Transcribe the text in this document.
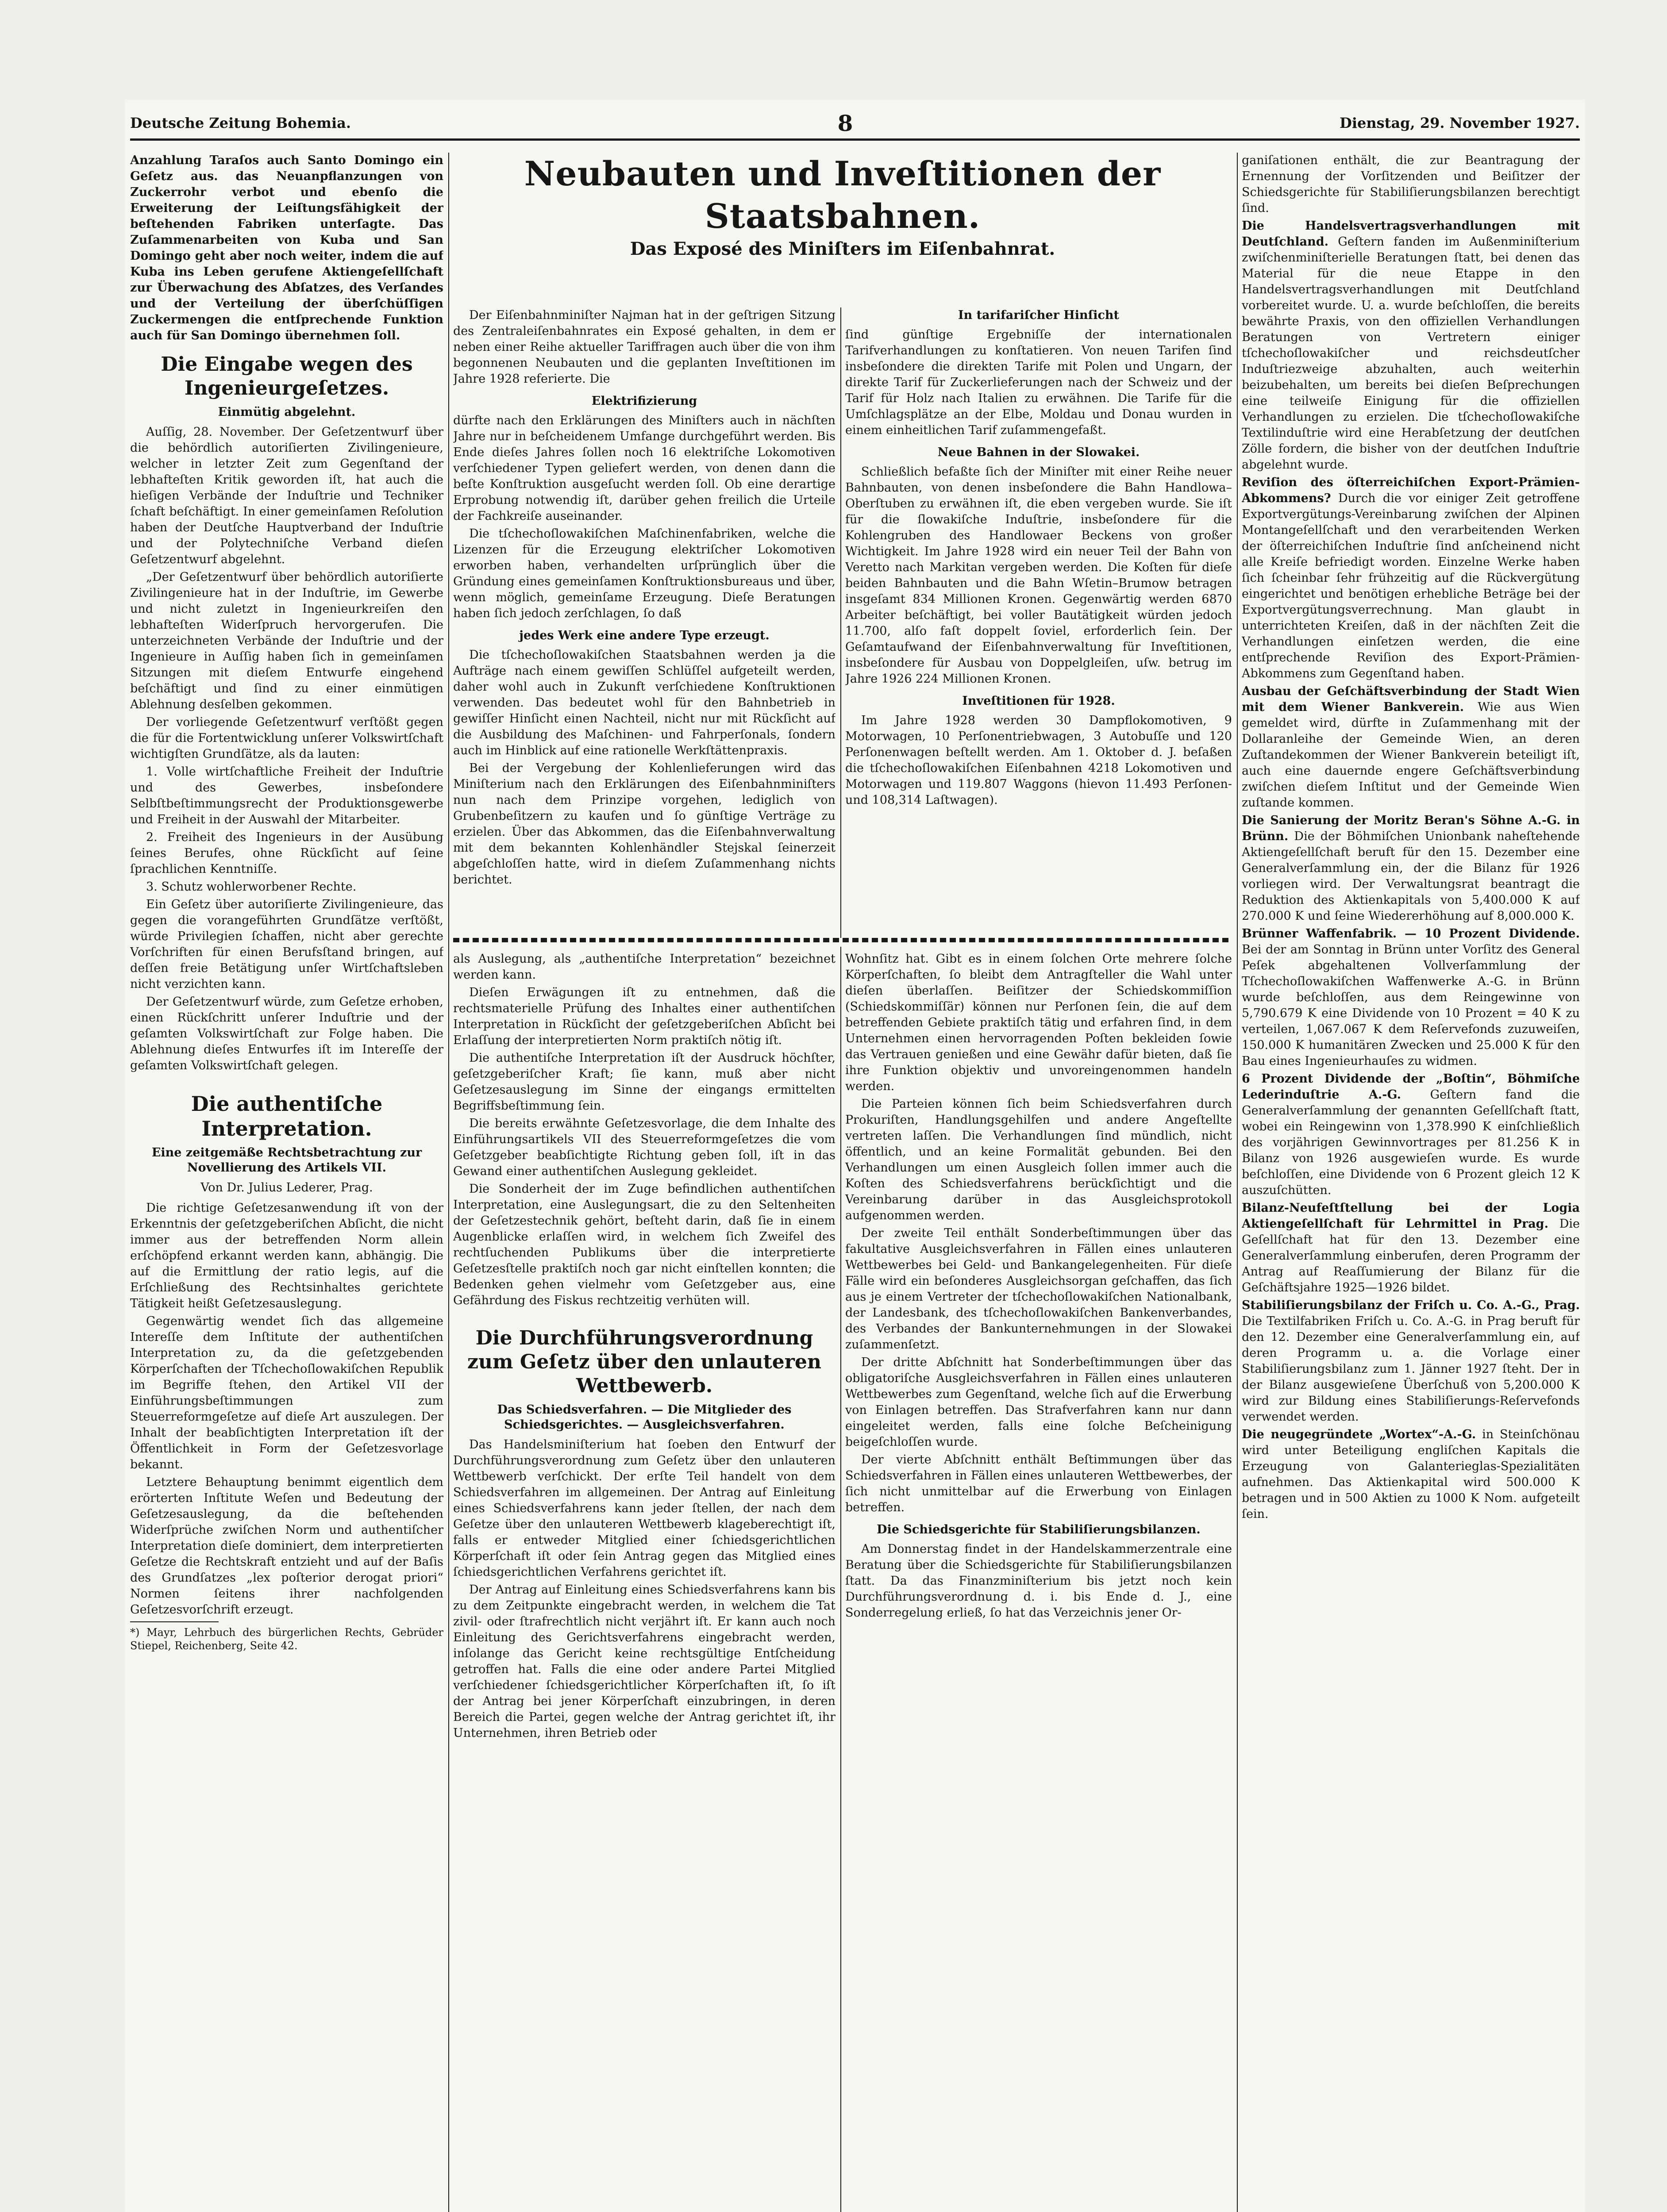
Deutsche Zeitung Bohemia.	8	Dienstag, 29. November 1927.

Anzahlung Taraſos auch Santo Domingo ein Geſetz aus. das Neuanpflanzungen von Zuckerrohr verbot und ebenſo die Erweiterung der Leiſtungsfähigkeit der beſtehenden Fabriken unterſagte. Das Zuſammenarbeiten von Kuba und San Domingo geht aber noch weiter, indem die auf Kuba ins Leben gerufene Aktiengeſellſchaft zur Überwachung des Abſatzes, des Verſandes und der Verteilung der überſchüſſigen Zuckermengen die entſprechende Funktion auch für San Domingo übernehmen ſoll.

Die Eingabe wegen des Ingenieurgeſetzes.
Einmütig abgelehnt.

Auſſig, 28. November. Der Geſetzentwurf über die behördlich autoriſierten Zivilingenieure, welcher in letzter Zeit zum Gegenſtand der lebhafteſten Kritik geworden iſt, hat auch die hieſigen Verbände der Induſtrie und Techniker ſchaft beſchäftigt. In einer gemeinſamen Reſolution haben der Deutſche Hauptverband der Induſtrie und der Polytechniſche Verband dieſen Geſetzentwurf abgelehnt.

„Der Geſetzentwurf über behördlich autoriſierte Zivilingenieure hat in der Induſtrie, im Gewerbe und nicht zuletzt in Ingenieurkreiſen den lebhafteſten Widerſpruch hervorgerufen. Die unterzeichneten Verbände der Induſtrie und der Ingenieure in Auſſig haben ſich in gemeinſamen Sitzungen mit dieſem Entwurfe eingehend beſchäftigt und ſind zu einer einmütigen Ablehnung desſelben gekommen.

Der vorliegende Geſetzentwurf verſtößt gegen die für die Fortentwicklung unſerer Volkswirtſchaft wichtigſten Grundſätze, als da lauten:

1. Volle wirtſchaftliche Freiheit der Induſtrie und des Gewerbes, insbeſondere Selbſtbeſtimmungsrecht der Produktionsgewerbe und Freiheit in der Auswahl der Mitarbeiter.

2. Freiheit des Ingenieurs in der Ausübung ſeines Berufes, ohne Rückſicht auf ſeine ſprachlichen Kenntniſſe.

3. Schutz wohlerworbener Rechte.

Ein Geſetz über autoriſierte Zivilingenieure, das gegen die vorangeführten Grundſätze verſtößt, würde Privilegien ſchaffen, nicht aber gerechte Vorſchriften für einen Berufsſtand bringen, auf deſſen freie Betätigung unſer Wirtſchaftsleben nicht verzichten kann.

Der Geſetzentwurf würde, zum Geſetze erhoben, einen Rückſchritt unſerer Induſtrie und der geſamten Volkswirtſchaft zur Folge haben. Die Ablehnung dieſes Entwurfes iſt im Intereſſe der geſamten Volkswirtſchaft gelegen.

Die authentiſche Interpretation.
Eine zeitgemäße Rechtsbetrachtung zur Novellierung des Artikels VII.
Von Dr. Julius Lederer, Prag.

Die richtige Geſetzesanwendung iſt von der Erkenntnis der geſetzgeberiſchen Abſicht, die nicht immer aus der betreffenden Norm allein erſchöpfend erkannt werden kann, abhängig. Die auf die Ermittlung der ratio legis, auf die Erſchließung des Rechtsinhaltes gerichtete Tätigkeit heißt Geſetzesauslegung.

Gegenwärtig wendet ſich das allgemeine Intereſſe dem Inſtitute der authentiſchen Interpretation zu, da die geſetzgebenden Körperſchaften der Tſchechoſlowakiſchen Republik im Begriffe ſtehen, den Artikel VII der Einführungsbeſtimmungen zum Steuerreformgeſetze auf dieſe Art auszulegen. Der Inhalt der beabſichtigten Interpretation iſt der Öffentlichkeit in Form der Geſetzesvorlage bekannt.

Letztere Behauptung benimmt eigentlich dem erörterten Inſtitute Weſen und Bedeutung der Geſetzesauslegung, da die beſtehenden Widerſprüche zwiſchen Norm und authentiſcher Interpretation dieſe dominiert, dem interpretierten Geſetze die Rechtskraft entzieht und auf der Baſis des Grundſatzes „lex poſterior derogat priori“ Normen ſeitens ihrer nachfolgenden Geſetzesvorſchrift erzeugt.

*) Mayr, Lehrbuch des bürgerlichen Rechts, Gebrüder Stiepel, Reichenberg, Seite 42.

Neubauten und Inveſtitionen der Staatsbahnen.
Das Exposé des Miniſters im Eiſenbahnrat.

Der Eiſenbahnminiſter Najman hat in der geſtrigen Sitzung des Zentraleiſenbahnrates ein Exposé gehalten, in dem er neben einer Reihe aktueller Tariffragen auch über die von ihm begonnenen Neubauten und die geplanten Inveſtitionen im Jahre 1928 referierte. Die

Elektrifizierung

dürfte nach den Erklärungen des Miniſters auch in nächſten Jahre nur in beſcheidenem Umfange durchgeführt werden. Bis Ende dieſes Jahres ſollen noch 16 elektriſche Lokomotiven verſchiedener Typen geliefert werden, von denen dann die beſte Konſtruktion ausgeſucht werden ſoll. Ob eine derartige Erprobung notwendig iſt, darüber gehen freilich die Urteile der Fachkreiſe auseinander.

Die tſchechoſlowakiſchen Maſchinenfabriken, welche die Lizenzen für die Erzeugung elektriſcher Lokomotiven erworben haben, verhandelten urſprünglich über die Gründung eines gemeinſamen Konſtruktionsbureaus und über, wenn möglich, gemeinſame Erzeugung. Dieſe Beratungen haben ſich jedoch zerſchlagen, ſo daß

jedes Werk eine andere Type erzeugt.

Die tſchechoſlowakiſchen Staatsbahnen werden ja die Aufträge nach einem gewiſſen Schlüſſel aufgeteilt werden, daher wohl auch in Zukunft verſchiedene Konſtruktionen verwenden. Das bedeutet wohl für den Bahnbetrieb in gewiſſer Hinſicht einen Nachteil, nicht nur mit Rückſicht auf die Ausbildung des Maſchinen- und Fahrperſonals, ſondern auch im Hinblick auf eine rationelle Werkſtättenpraxis.

Bei der Vergebung der Kohlenlieferungen wird das Miniſterium nach den Erklärungen des Eiſenbahnminiſters nun nach dem Prinzipe vorgehen, lediglich von Grubenbeſitzern zu kaufen und ſo günſtige Verträge zu erzielen. Über das Abkommen, das die Eiſenbahnverwaltung mit dem bekannten Kohlenhändler Stejskal ſeinerzeit abgeſchloſſen hatte, wird in dieſem Zuſammenhang nichts berichtet.

In tarifariſcher Hinſicht

ſind günſtige Ergebniſſe der internationalen Tarifverhandlungen zu konſtatieren. Von neuen Tarifen ſind insbeſondere die direkten Tarife mit Polen und Ungarn, der direkte Tarif für Zuckerlieferungen nach der Schweiz und der Tarif für Holz nach Italien zu erwähnen. Die Tarife für die Umſchlagsplätze an der Elbe, Moldau und Donau wurden in einem einheitlichen Tarif zuſammengefaßt.

Neue Bahnen in der Slowakei.

Schließlich befaßte ſich der Miniſter mit einer Reihe neuer Bahnbauten, von denen insbeſondere die Bahn Handlowa–Oberſtuben zu erwähnen iſt, die eben vergeben wurde. Sie iſt für die ſlowakiſche Induſtrie, insbeſondere für die Kohlengruben des Handlowaer Beckens von großer Wichtigkeit. Im Jahre 1928 wird ein neuer Teil der Bahn von Veretto nach Markitan vergeben werden. Die Koſten für dieſe beiden Bahnbauten und die Bahn Wſetin–Brumow betragen insgeſamt 834 Millionen Kronen. Gegenwärtig werden 6870 Arbeiter beſchäftigt, bei voller Bautätigkeit würden jedoch 11.700, alſo faſt doppelt ſoviel, erforderlich ſein. Der Geſamtaufwand der Eiſenbahnverwaltung für Inveſtitionen, insbeſondere für Ausbau von Doppelgleiſen, uſw. betrug im Jahre 1926 224 Millionen Kronen.

Inveſtitionen für 1928.

Im Jahre 1928 werden 30 Dampflokomotiven, 9 Motorwagen, 10 Perſonentriebwagen, 3 Autobuſſe und 120 Perſonenwagen beſtellt werden. Am 1. Oktober d. J. beſaßen die tſchechoſlowakiſchen Eiſenbahnen 4218 Lokomotiven und Motorwagen und 119.807 Waggons (hievon 11.493 Perſonen- und 108,314 Laſtwagen).

als Auslegung, als „authentiſche Interpretation“ bezeichnet werden kann.

Dieſen Erwägungen iſt zu entnehmen, daß die rechtsmaterielle Prüfung des Inhaltes einer authentiſchen Interpretation in Rückſicht der geſetzgeberiſchen Abſicht bei Erlaſſung der interpretierten Norm praktiſch nötig iſt.

Die authentiſche Interpretation iſt der Ausdruck höchſter, geſetzgeberiſcher Kraft; ſie kann, muß aber nicht Geſetzesauslegung im Sinne der eingangs ermittelten Begriffsbeſtimmung ſein.

Die bereits erwähnte Geſetzesvorlage, die dem Inhalte des Einführungsartikels VII des Steuerreformgeſetzes die vom Geſetzgeber beabſichtigte Richtung geben ſoll, iſt in das Gewand einer authentiſchen Auslegung gekleidet.

Die Sonderheit der im Zuge befindlichen authentiſchen Interpretation, eine Auslegungsart, die zu den Seltenheiten der Geſetzestechnik gehört, beſteht darin, daß ſie in einem Augenblicke erlaſſen wird, in welchem ſich Zweifel des rechtſuchenden Publikums über die interpretierte Geſetzesſtelle praktiſch noch gar nicht einſtellen konnten; die Bedenken gehen vielmehr vom Geſetzgeber aus, eine Gefährdung des Fiskus rechtzeitig verhüten will.

Die Durchführungsverordnung zum Geſetz über den unlauteren Wettbewerb.
Das Schiedsverfahren. — Die Mitglieder des Schiedsgerichtes. — Ausgleichsverfahren.

Das Handelsminiſterium hat ſoeben den Entwurf der Durchführungsverordnung zum Geſetz über den unlauteren Wettbewerb verſchickt. Der erſte Teil handelt von dem Schiedsverfahren im allgemeinen. Der Antrag auf Einleitung eines Schiedsverfahrens kann jeder ſtellen, der nach dem Geſetze über den unlauteren Wettbewerb klageberechtigt iſt, falls er entweder Mitglied einer ſchiedsgerichtlichen Körperſchaft iſt oder ſein Antrag gegen das Mitglied eines ſchiedsgerichtlichen Verfahrens gerichtet iſt.

Der Antrag auf Einleitung eines Schiedsverfahrens kann bis zu dem Zeitpunkte eingebracht werden, in welchem die Tat zivil- oder ſtrafrechtlich nicht verjährt iſt. Er kann auch noch Einleitung des Gerichtsverfahrens eingebracht werden, inſolange das Gericht keine rechtsgültige Entſcheidung getroffen hat. Falls die eine oder andere Partei Mitglied verſchiedener ſchiedsgerichtlicher Körperſchaften iſt, ſo iſt der Antrag bei jener Körperſchaft einzubringen, in deren Bereich die Partei, gegen welche der Antrag gerichtet iſt, ihr Unternehmen, ihren Betrieb oder

Wohnſitz hat. Gibt es in einem ſolchen Orte mehrere ſolche Körperſchaften, ſo bleibt dem Antragſteller die Wahl unter dieſen überlaſſen. Beiſitzer der Schiedskommiſſion (Schiedskommiſſär) können nur Perſonen ſein, die auf dem betreffenden Gebiete praktiſch tätig und erfahren ſind, in dem Unternehmen einen hervorragenden Poſten bekleiden ſowie das Vertrauen genießen und eine Gewähr dafür bieten, daß ſie ihre Funktion objektiv und unvoreingenommen handeln werden.

Die Parteien können ſich beim Schiedsverfahren durch Prokuriſten, Handlungsgehilfen und andere Angeſtellte vertreten laſſen. Die Verhandlungen ſind mündlich, nicht öffentlich, und an keine Formalität gebunden. Bei den Verhandlungen um einen Ausgleich ſollen immer auch die Koſten des Schiedsverfahrens berückſichtigt und die Vereinbarung darüber in das Ausgleichsprotokoll aufgenommen werden.

Der zweite Teil enthält Sonderbeſtimmungen über das fakultative Ausgleichsverfahren in Fällen eines unlauteren Wettbewerbes bei Geld- und Bankangelegenheiten. Für dieſe Fälle wird ein beſonderes Ausgleichsorgan geſchaffen, das ſich aus je einem Vertreter der tſchechoſlowakiſchen Nationalbank, der Landesbank, des tſchechoſlowakiſchen Bankenverbandes, des Verbandes der Bankunternehmungen in der Slowakei zuſammenſetzt.

Der dritte Abſchnitt hat Sonderbeſtimmungen über das obligatoriſche Ausgleichsverfahren in Fällen eines unlauteren Wettbewerbes zum Gegenſtand, welche ſich auf die Erwerbung von Einlagen betreffen. Das Strafverfahren kann nur dann eingeleitet werden, falls eine ſolche Beſcheinigung beigeſchloſſen wurde.

Der vierte Abſchnitt enthält Beſtimmungen über das Schiedsverfahren in Fällen eines unlauteren Wettbewerbes, der ſich nicht unmittelbar auf die Erwerbung von Einlagen betreffen.

Die Schiedsgerichte für Stabiliſierungsbilanzen.

Am Donnerstag findet in der Handelskammerzentrale eine Beratung über die Schiedsgerichte für Stabiliſierungsbilanzen ſtatt. Da das Finanzminiſterium bis jetzt noch kein Durchführungsverordnung d. i. bis Ende d. J., eine Sonderregelung erließ, ſo hat das Verzeichnis jener Or-

ganiſationen enthält, die zur Beantragung der Ernennung der Vorſitzenden und Beiſitzer der Schiedsgerichte für Stabiliſierungsbilanzen berechtigt ſind.

Die Handelsvertragsverhandlungen mit Deutſchland. Geſtern fanden im Außenminiſterium zwiſchenminiſterielle Beratungen ſtatt, bei denen das Material für die neue Etappe in den Handelsvertragsverhandlungen mit Deutſchland vorbereitet wurde. U. a. wurde beſchloſſen, die bereits bewährte Praxis, von den offiziellen Verhandlungen Beratungen von Vertretern einiger tſchechoſlowakiſcher und reichsdeutſcher Induſtriezweige abzuhalten, auch weiterhin beizubehalten, um bereits bei dieſen Beſprechungen eine teilweiſe Einigung für die offiziellen Verhandlungen zu erzielen. Die tſchechoſlowakiſche Textilinduſtrie wird eine Herabſetzung der deutſchen Zölle fordern, die bisher von der deutſchen Induſtrie abgelehnt wurde.

Reviſion des öſterreichiſchen Export-Prämien-Abkommens? Durch die vor einiger Zeit getroffene Exportvergütungs-Vereinbarung zwiſchen der Alpinen Montangeſellſchaft und den verarbeitenden Werken der öſterreichiſchen Induſtrie ſind anſcheinend nicht alle Kreiſe befriedigt worden. Einzelne Werke haben ſich ſcheinbar ſehr frühzeitig auf die Rückvergütung eingerichtet und benötigen erhebliche Beträge bei der Exportvergütungsverrechnung. Man glaubt in unterrichteten Kreiſen, daß in der nächſten Zeit die Verhandlungen einſetzen werden, die eine entſprechende Reviſion des Export-Prämien-Abkommens zum Gegenſtand haben.

Ausbau der Geſchäftsverbindung der Stadt Wien mit dem Wiener Bankverein. Wie aus Wien gemeldet wird, dürfte in Zuſammenhang mit der Dollaranleihe der Gemeinde Wien, an deren Zuſtandekommen der Wiener Bankverein beteiligt iſt, auch eine dauernde engere Geſchäftsverbindung zwiſchen dieſem Inſtitut und der Gemeinde Wien zuſtande kommen.

Die Sanierung der Moritz Beran's Söhne A.-G. in Brünn. Die der Böhmiſchen Unionbank naheſtehende Aktiengeſellſchaft beruft für den 15. Dezember eine Generalverſammlung ein, der die Bilanz für 1926 vorliegen wird. Der Verwaltungsrat beantragt die Reduktion des Aktienkapitals von 5,400.000 K auf 270.000 K und ſeine Wiedererhöhung auf 8,000.000 K.

Brünner Waffenfabrik. — 10 Prozent Dividende. Bei der am Sonntag in Brünn unter Vorſitz des General Peſek abgehaltenen Vollverſammlung der Tſchechoſlowakiſchen Waffenwerke A.-G. in Brünn wurde beſchloſſen, aus dem Reingewinne von 5,790.679 K eine Dividende von 10 Prozent = 40 K zu verteilen, 1,067.067 K dem Reſervefonds zuzuweiſen, 150.000 K humanitären Zwecken und 25.000 K für den Bau eines Ingenieurhauſes zu widmen.

6 Prozent Dividende der „Boſtin“, Böhmiſche Lederinduſtrie A.-G. Geſtern fand die Generalverſammlung der genannten Geſellſchaft ſtatt, wobei ein Reingewinn von 1,378.990 K einſchließlich des vorjährigen Gewinnvortrages per 81.256 K in Bilanz von 1926 ausgewieſen wurde. Es wurde beſchloſſen, eine Dividende von 6 Prozent gleich 12 K auszuſchütten.

Bilanz-Neufeſtſtellung bei der Logia Aktiengeſellſchaft für Lehrmittel in Prag. Die Geſellſchaft hat für den 13. Dezember eine Generalverſammlung einberufen, deren Programm der Antrag auf Reaſſumierung der Bilanz für die Geſchäftsjahre 1925—1926 bildet.

Stabiliſierungsbilanz der Friſch u. Co. A.-G., Prag. Die Textilfabriken Friſch u. Co. A.-G. in Prag beruft für den 12. Dezember eine Generalverſammlung ein, auf deren Programm u. a. die Vorlage einer Stabiliſierungsbilanz zum 1. Jänner 1927 ſteht. Der in der Bilanz ausgewieſene Überſchuß von 5,200.000 K wird zur Bildung eines Stabiliſierungs-Reſervefonds verwendet werden.

Die neugegründete „Wortex“-A.-G. in Steinſchönau wird unter Beteiligung engliſchen Kapitals die Erzeugung von Galanterieglas-Spezialitäten aufnehmen. Das Aktienkapital wird 500.000 K betragen und in 500 Aktien zu 1000 K Nom. aufgeteilt ſein.
